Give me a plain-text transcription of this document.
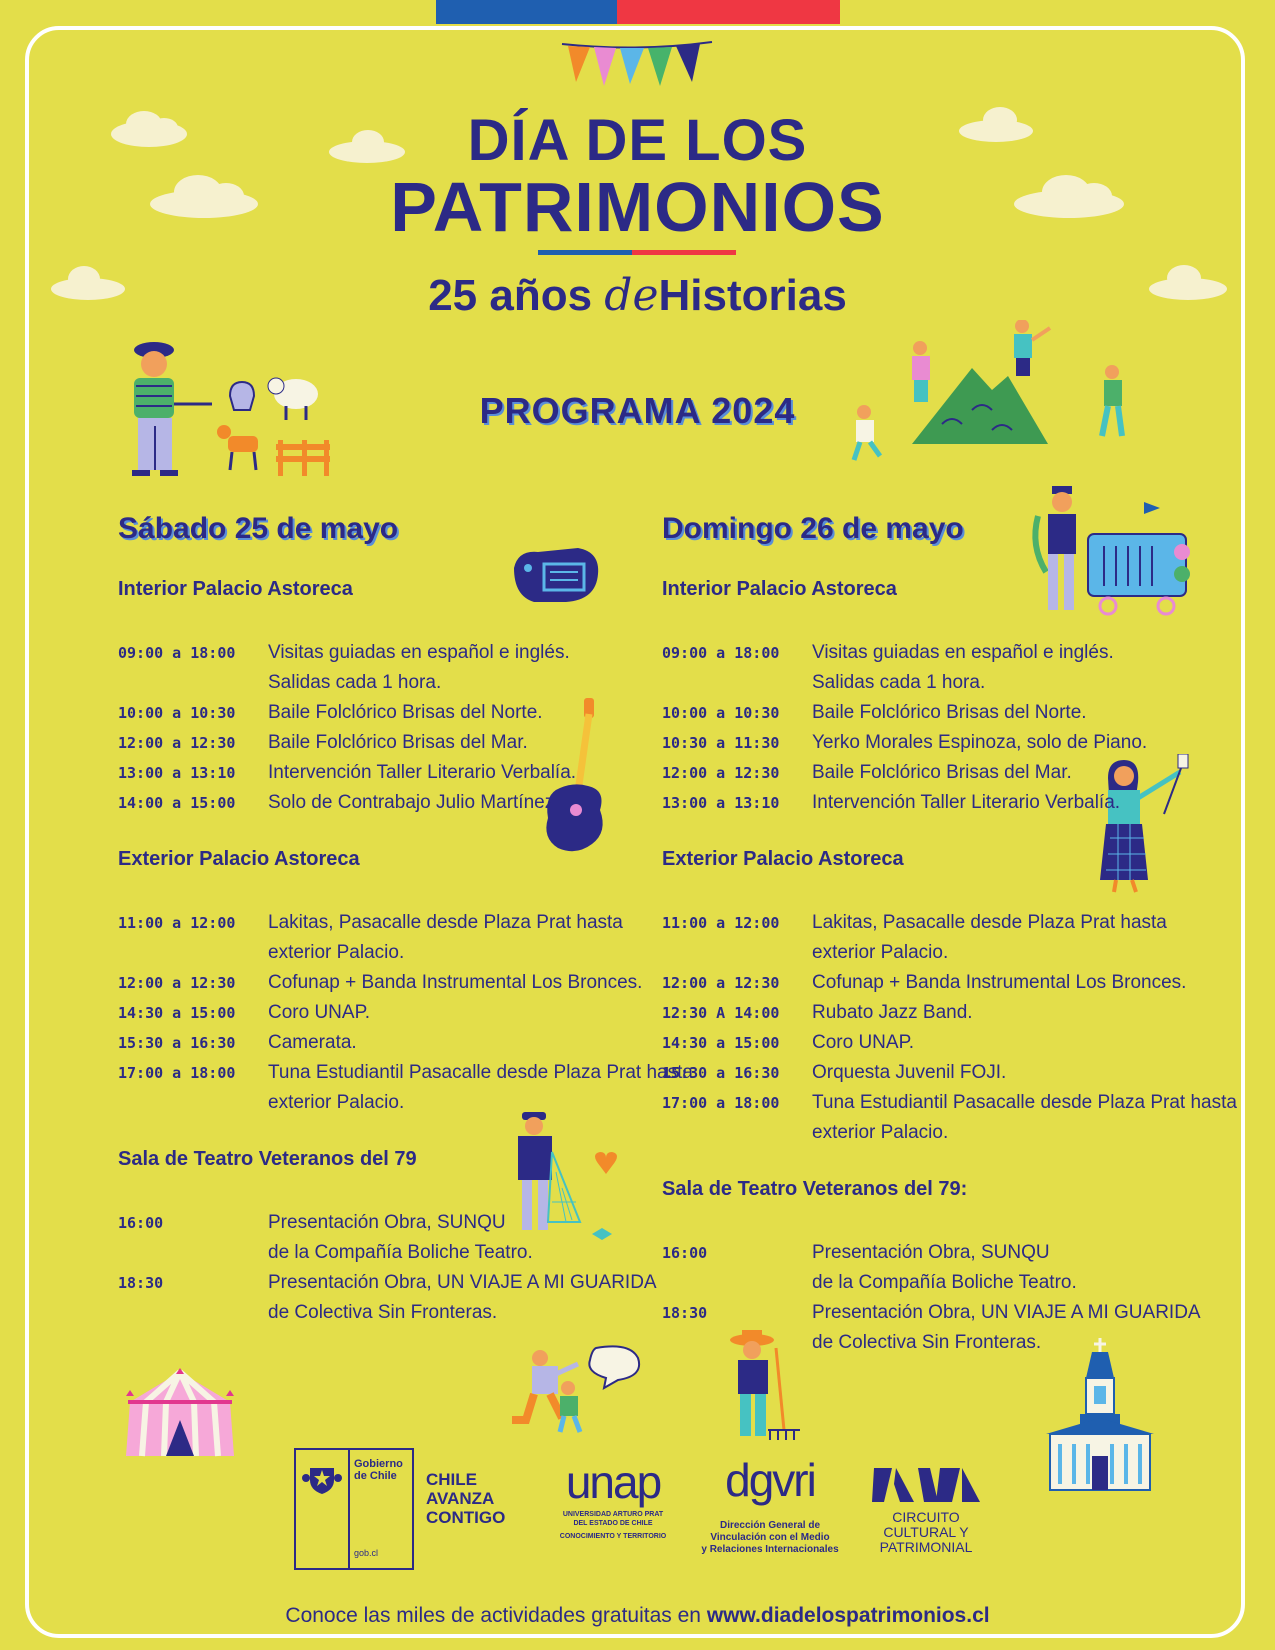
DÍA DE LOS
PATRIMONIOS
25 años deHistorias
PROGRAMA 2024
Sábado 25 de mayo	Domingo 26 de mayo
Interior Palacio Astoreca
09:00 a 18:00	Visitas guiadas en español e inglés.
Salidas cada 1 hora.
10:00 a 10:30	Baile Folclórico Brisas del Norte.
12:00 a 12:30	Baile Folclórico Brisas del Mar.
13:00 a 13:10	Intervención Taller Literario Verbalía.
14:00 a 15:00	Solo de Contrabajo Julio Martínez.
Exterior Palacio Astoreca
11:00 a 12:00	Lakitas, Pasacalle desde Plaza Prat hasta
exterior Palacio.
12:00 a 12:30	Cofunap + Banda Instrumental Los Bronces.
14:30 a 15:00	Coro UNAP.
15:30 a 16:30	Camerata.
17:00 a 18:00	Tuna Estudiantil Pasacalle desde Plaza Prat hasta
exterior Palacio.
Sala de Teatro Veteranos del 79
16:00	Presentación Obra, SUNQU
de la Compañía Boliche Teatro.
18:30	Presentación Obra, UN VIAJE A MI GUARIDA
de Colectiva Sin Fronteras.
Interior Palacio Astoreca
09:00 a 18:00	Visitas guiadas en español e inglés.
Salidas cada 1 hora.
10:00 a 10:30	Baile Folclórico Brisas del Norte.
10:30 a 11:30	Yerko Morales Espinoza, solo de Piano.
12:00 a 12:30	Baile Folclórico Brisas del Mar.
13:00 a 13:10	Intervención Taller Literario Verbalía.
Exterior Palacio Astoreca
11:00 a 12:00	Lakitas, Pasacalle desde Plaza Prat hasta
exterior Palacio.
12:00 a 12:30	Cofunap + Banda Instrumental Los Bronces.
12:30 A 14:00	Rubato Jazz Band.
14:30 a 15:00	Coro UNAP.
15:30 a 16:30	Orquesta Juvenil FOJI.
17:00 a 18:00	Tuna Estudiantil Pasacalle desde Plaza Prat hasta
exterior Palacio.
Sala de Teatro Veteranos del 79:
16:00	Presentación Obra, SUNQU
de la Compañía Boliche Teatro.
18:30	Presentación Obra, UN VIAJE A MI GUARIDA
de Colectiva Sin Fronteras.
Gobierno de Chile
gob.cl
CHILE
AVANZA
CONTIGO
unap
UNIVERSIDAD ARTURO PRAT
DEL ESTADO DE CHILE
CONOCIMIENTO Y TERRITORIO
dgvri
Dirección General de
Vinculación con el Medio
y Relaciones Internacionales
CIRCUITO
CULTURAL Y
PATRIMONIAL
Conoce las miles de actividades gratuitas en www.diadelospatrimonios.cl
